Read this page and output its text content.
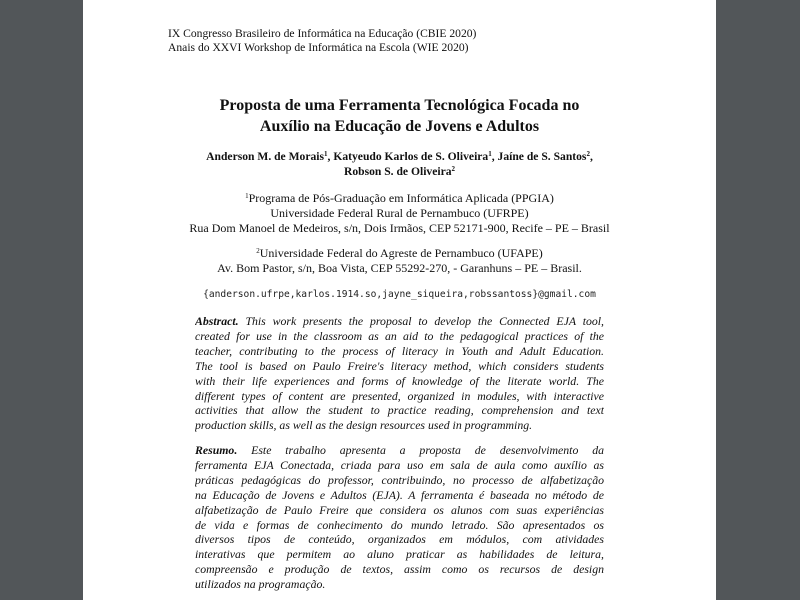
IX Congresso Brasileiro de Informática na Educação (CBIE 2020)
Anais do XXVI Workshop de Informática na Escola (WIE 2020)
Proposta de uma Ferramenta Tecnológica Focada no
Auxílio na Educação de Jovens e Adultos
Anderson M. de Morais$^1$, Katyeudo Karlos de S. Oliveira$^1$, Jaíne de S. Santos$^2$,
Robson S. de Oliveira$^2$
$^1$Programa de Pós-Graduação em Informática Aplicada (PPGIA)
Universidade Federal Rural de Pernambuco (UFRPE)
Rua Dom Manoel de Medeiros, s/n, Dois Irmãos, CEP 52171-900, Recife – PE – Brasil
$^2$Universidade Federal do Agreste de Pernambuco (UFAPE)
Av. Bom Pastor, s/n, Boa Vista, CEP 55292-270, - Garanhuns – PE – Brasil.
{anderson.ufrpe,karlos.1914.so,jayne_siqueira,robssantoss}@gmail.com
Abstract. This work presents the proposal to develop the Connected EJA tool,
created for use in the classroom as an aid to the pedagogical practices of the
teacher, contributing to the process of literacy in Youth and Adult Education.
The tool is based on Paulo Freire's literacy method, which considers students
with their life experiences and forms of knowledge of the literate world. The
different types of content are presented, organized in modules, with interactive
activities that allow the student to practice reading, comprehension and text
production skills, as well as the design resources used in programming.
Resumo. Este trabalho apresenta a proposta de desenvolvimento da
ferramenta EJA Conectada, criada para uso em sala de aula como auxílio as
práticas pedagógicas do professor, contribuindo, no processo de alfabetização
na Educação de Jovens e Adultos (EJA). A ferramenta é baseada no método de
alfabetização de Paulo Freire que considera os alunos com suas experiências
de vida e formas de conhecimento do mundo letrado. São apresentados os
diversos tipos de conteúdo, organizados em módulos, com atividades
interativas que permitem ao aluno praticar as habilidades de leitura,
compreensão e produção de textos, assim como os recursos de design
utilizados na programação.
